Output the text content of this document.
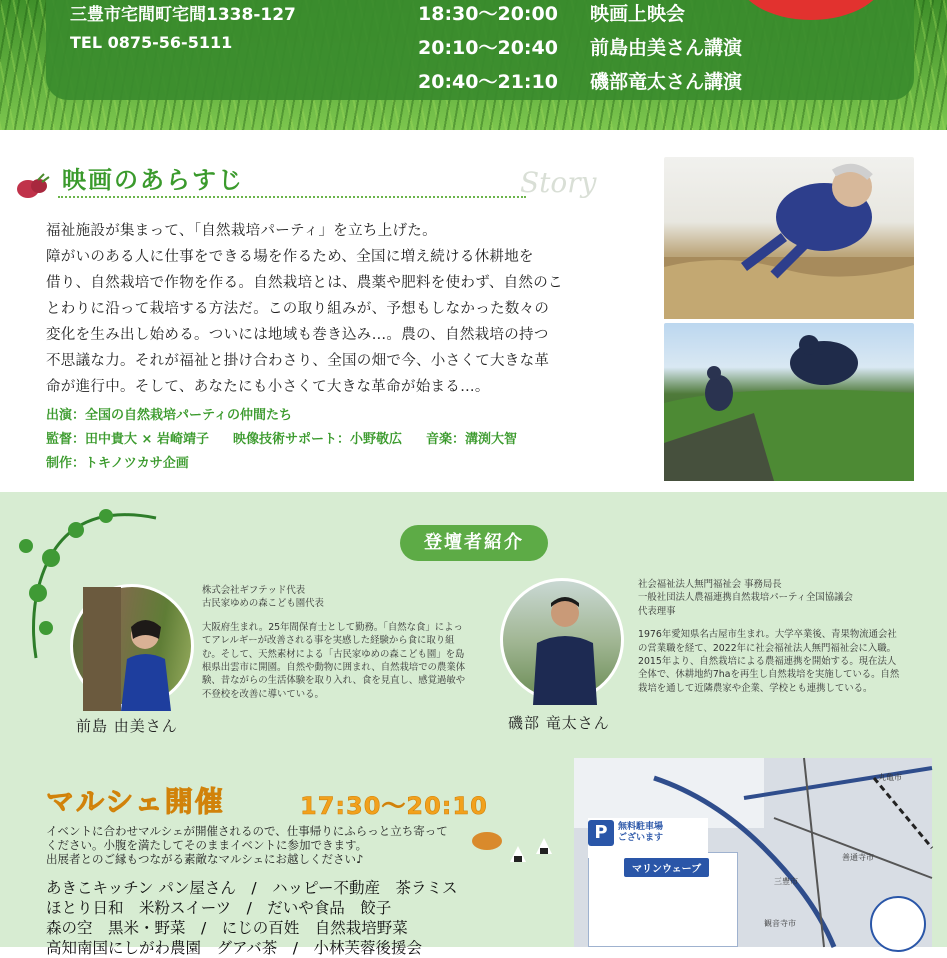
三豊市宅間町宅間1338-127
TEL 0875-56-5111
18:30〜20:00 映画上映会
20:10〜20:40 前島由美さん講演
20:40〜21:10 磯部竜太さん講演
映画のあらすじ	Story
福祉施設が集まって、「自然栽培パーティ」を立ち上げた。
障がいのある人に仕事をできる場を作るため、全国に増え続ける休耕地を
借り、自然栽培で作物を作る。自然栽培とは、農薬や肥料を使わず、自然のこ
とわりに沿って栽培する方法だ。この取り組みが、予想もしなかった数々の
変化を生み出し始める。ついには地域も巻き込み…。農の、自然栽培の持つ
不思議な力。それが福祉と掛け合わさり、全国の畑で今、小さくて大きな革
命が進行中。そして、あなたにも小さくて大きな革命が始まる…。
出演：全国の自然栽培パーティの仲間たち
監督：田中貴大 × 岩崎靖子 映像技術サポート：小野敬広 音楽：溝渕大智
制作：トキノツカサ企画
登壇者紹介
前島 由美さん	磯部 竜太さん
株式会社ギフテッド代表
古民家ゆめの森こども園代表
大阪府生まれ。25年間保育士として勤務。「自然な食」によってアレルギーが改善される事を実感した経験から食に取り組む。そして、天然素材による「古民家ゆめの森こども園」を島根県出雲市に開園。自然や動物に囲まれ、自然栽培での農業体験、昔ながらの生活体験を取り入れ、食を見直し、感覚過敏や不登校を改善に導いている。
社会福祉法人無門福祉会 事務局長
一般社団法人農福連携自然栽培パーティ全国協議会
代表理事
1976年愛知県名古屋市生まれ。大学卒業後、青果物流通会社の営業職を経て、2022年に社会福祉法人無門福祉会に入職。2015年より、自然栽培による農福連携を開始する。現在法人全体で、休耕地約7haを再生し自然栽培を実施している。自然栽培を通して近隣農家や企業、学校とも連携している。
マルシェ開催	17:30〜20:10
イベントに合わせマルシェが開催されるので、仕事帰りにふらっと立ち寄って
ください。小腹を満たしてそのままイベントに参加できます。
出展者とのご縁もつながる素敵なマルシェにお越しください♪
あきこキッチン パン屋さん　/　ハッピー不動産　茶ラミス
ほとり日和　米粉スイーツ　/　だいや食品　餃子
森の空　黒米・野菜　/　にじの百姓　自然栽培野菜
高知南国にしがわ農園　グアバ茶　/　小林芙蓉後援会
丸亀市
善通寺市
三豊市
観音寺市
P	無料駐車場
ございます
マリンウェーブ
